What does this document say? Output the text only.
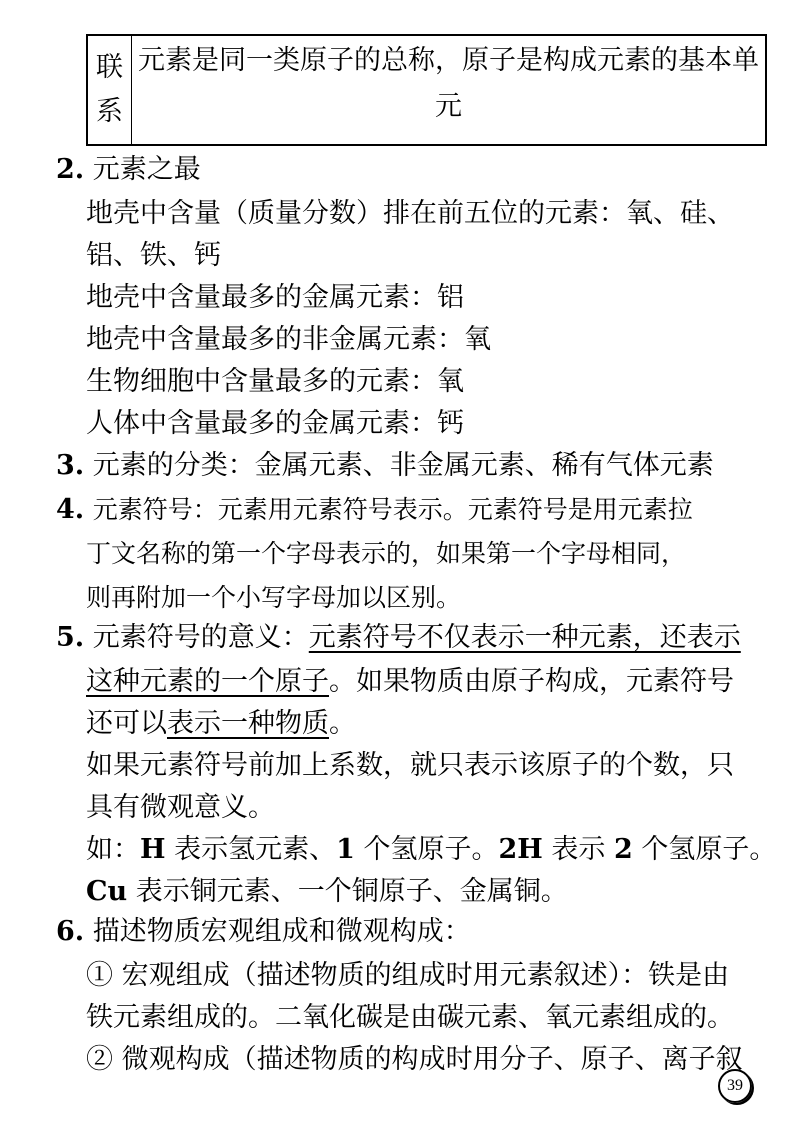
联
系
元素是同一类原子的总称，原子是构成元素的基本单
元
2. 元素之最
地壳中含量（质量分数）排在前五位的元素：氧、硅、
铝、铁、钙
地壳中含量最多的金属元素：铝
地壳中含量最多的非金属元素：氧
生物细胞中含量最多的元素：氧
人体中含量最多的金属元素：钙
3. 元素的分类：金属元素、非金属元素、稀有气体元素
4. 元素符号：元素用元素符号表示。元素符号是用元素拉
丁文名称的第一个字母表示的，如果第一个字母相同，
则再附加一个小写字母加以区别。
5. 元素符号的意义：元素符号不仅表示一种元素，还表示
这种元素的一个原子。如果物质由原子构成，元素符号
还可以表示一种物质。
如果元素符号前加上系数，就只表示该原子的个数，只
具有微观意义。
如：H 表示氢元素、1 个氢原子。2H 表示 2 个氢原子。
Cu 表示铜元素、一个铜原子、金属铜。
6. 描述物质宏观组成和微观构成：
① 宏观组成（描述物质的组成时用元素叙述）：铁是由
铁元素组成的。二氧化碳是由碳元素、氧元素组成的。
② 微观构成（描述物质的构成时用分子、原子、离子叙
39
